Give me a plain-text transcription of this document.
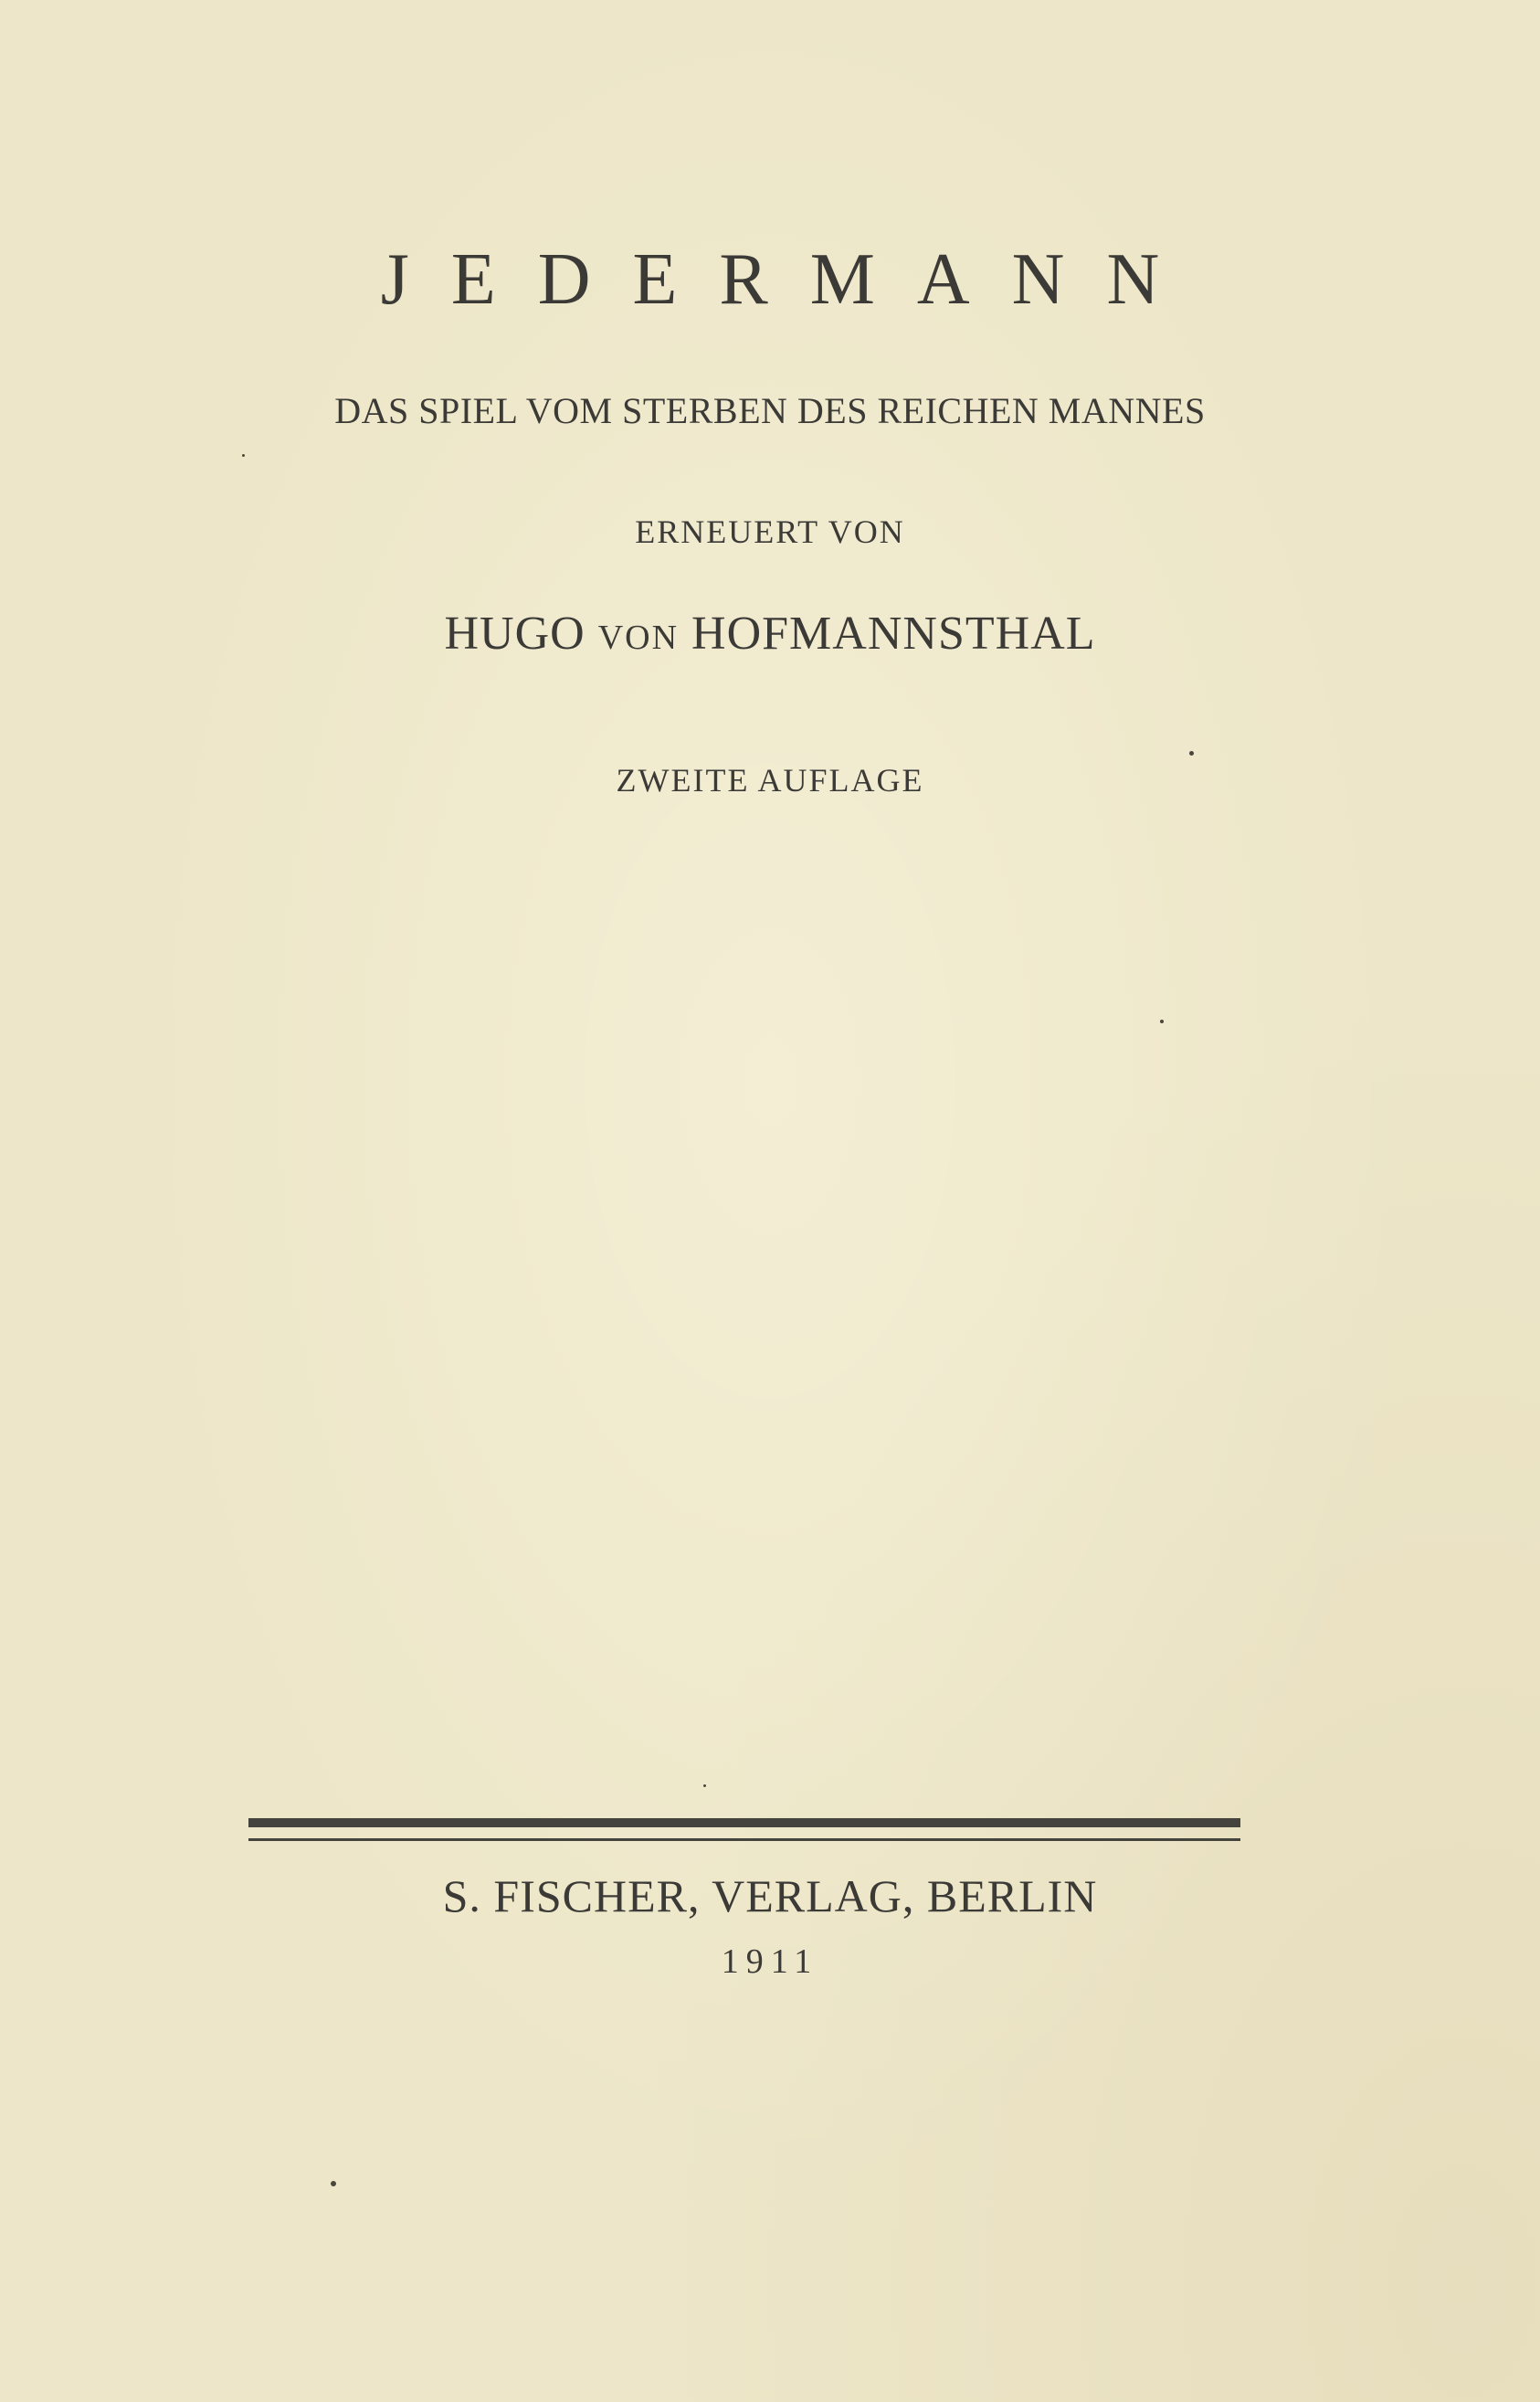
JEDERMANN
DAS SPIEL VOM STERBEN DES REICHEN MANNES
ERNEUERT VON
HUGO VON HOFMANNSTHAL
ZWEITE AUFLAGE
S. FISCHER, VERLAG, BERLIN
1911
